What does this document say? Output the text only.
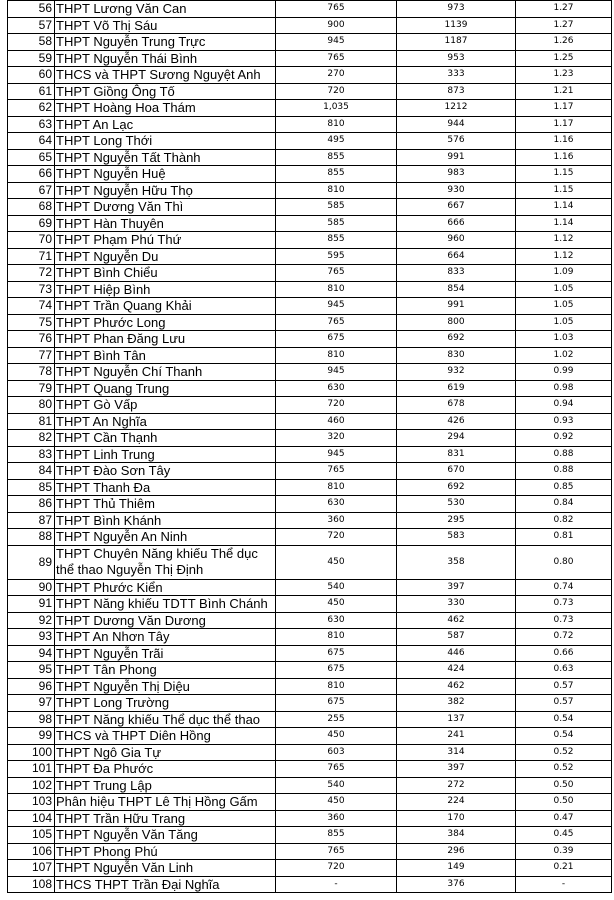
56	THPT Lương Văn Can	765	973	1.27
57	THPT Võ Thị Sáu	900	1139	1.27
58	THPT Nguyễn Trung Trực	945	1187	1.26
59	THPT Nguyễn Thái Bình	765	953	1.25
60	THCS và THPT Sương Nguyệt Anh	270	333	1.23
61	THPT Giồng Ông Tố	720	873	1.21
62	THPT Hoàng Hoa Thám	1,035	1212	1.17
63	THPT An Lạc	810	944	1.17
64	THPT Long Thới	495	576	1.16
65	THPT Nguyễn Tất Thành	855	991	1.16
66	THPT Nguyễn Huệ	855	983	1.15
67	THPT Nguyễn Hữu Thọ	810	930	1.15
68	THPT Dương Văn Thì	585	667	1.14
69	THPT Hàn Thuyên	585	666	1.14
70	THPT Phạm Phú Thứ	855	960	1.12
71	THPT Nguyễn Du	595	664	1.12
72	THPT Bình Chiểu	765	833	1.09
73	THPT Hiệp Bình	810	854	1.05
74	THPT Trần Quang Khải	945	991	1.05
75	THPT Phước Long	765	800	1.05
76	THPT Phan Đăng Lưu	675	692	1.03
77	THPT Bình Tân	810	830	1.02
78	THPT Nguyễn Chí Thanh	945	932	0.99
79	THPT Quang Trung	630	619	0.98
80	THPT Gò Vấp	720	678	0.94
81	THPT An Nghĩa	460	426	0.93
82	THPT Cần Thạnh	320	294	0.92
83	THPT Linh Trung	945	831	0.88
84	THPT Đào Sơn Tây	765	670	0.88
85	THPT Thanh Đa	810	692	0.85
86	THPT Thủ Thiêm	630	530	0.84
87	THPT Bình Khánh	360	295	0.82
88	THPT Nguyễn An Ninh	720	583	0.81
89	THPT Chuyên Năng khiếu Thể dục thể thao Nguyễn Thị Định	450	358	0.80
90	THPT Phước Kiển	540	397	0.74
91	THPT Năng khiếu TDTT Bình Chánh	450	330	0.73
92	THPT Dương Văn Dương	630	462	0.73
93	THPT An Nhơn Tây	810	587	0.72
94	THPT Nguyễn Trãi	675	446	0.66
95	THPT Tân Phong	675	424	0.63
96	THPT Nguyễn Thị Diệu	810	462	0.57
97	THPT Long Trường	675	382	0.57
98	THPT Năng khiếu Thể dục thể thao	255	137	0.54
99	THCS và THPT Diên Hồng	450	241	0.54
100	THPT Ngô Gia Tự	603	314	0.52
101	THPT Đa Phước	765	397	0.52
102	THPT Trung Lập	540	272	0.50
103	Phân hiệu THPT Lê Thị Hồng Gấm	450	224	0.50
104	THPT Trần Hữu Trang	360	170	0.47
105	THPT Nguyễn Văn Tăng	855	384	0.45
106	THPT Phong Phú	765	296	0.39
107	THPT Nguyễn Văn Linh	720	149	0.21
108	THCS THPT Trần Đại Nghĩa	-	376	-
